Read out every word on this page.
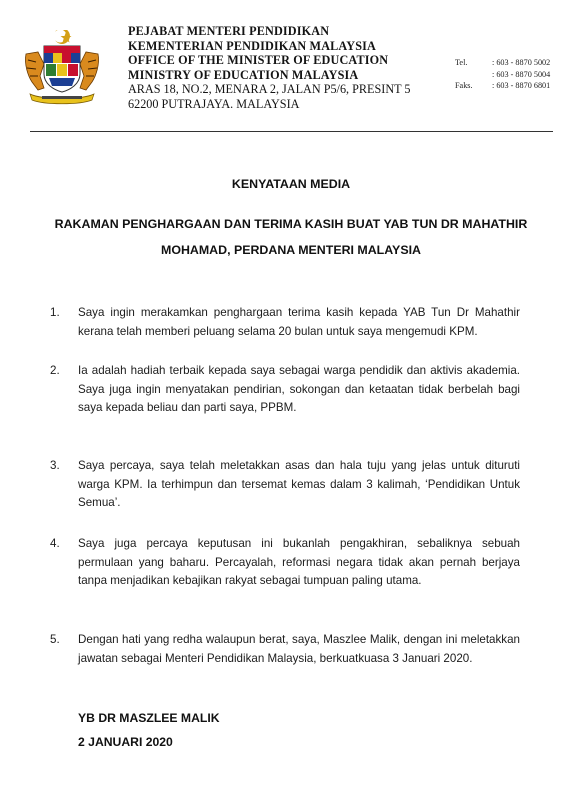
PEJABAT MENTERI PENDIDIKAN
KEMENTERIAN PENDIDIKAN MALAYSIA
OFFICE OF THE MINISTER OF EDUCATION
MINISTRY OF EDUCATION MALAYSIA
ARAS 18, NO.2, MENARA 2, JALAN P5/6, PRESINT 5
62200 PUTRAJAYA. MALAYSIA
Tel.	: 603 - 8870 5002
: 603 - 8870 5004
Faks.	: 603 - 8870 6801
KENYATAAN MEDIA
RAKAMAN PENGHARGAAN DAN TERIMA KASIH BUAT YAB TUN DR MAHATHIR
MOHAMAD, PERDANA MENTERI MALAYSIA
1. Saya ingin merakamkan penghargaan terima kasih kepada YAB Tun Dr Mahathir kerana telah memberi peluang selama 20 bulan untuk saya mengemudi KPM.
2. Ia adalah hadiah terbaik kepada saya sebagai warga pendidik dan aktivis akademia. Saya juga ingin menyatakan pendirian, sokongan dan ketaatan tidak berbelah bagi saya kepada beliau dan parti saya, PPBM.
3. Saya percaya, saya telah meletakkan asas dan hala tuju yang jelas untuk dituruti warga KPM. Ia terhimpun dan tersemat kemas dalam 3 kalimah, ‘Pendidikan Untuk Semua’.
4. Saya juga percaya keputusan ini bukanlah pengakhiran, sebaliknya sebuah permulaan yang baharu. Percayalah, reformasi negara tidak akan pernah berjaya tanpa menjadikan kebajikan rakyat sebagai tumpuan paling utama.
5. Dengan hati yang redha walaupun berat, saya, Maszlee Malik, dengan ini meletakkan jawatan sebagai Menteri Pendidikan Malaysia, berkuatkuasa 3 Januari 2020.
YB DR MASZLEE MALIK
2 JANUARI 2020
